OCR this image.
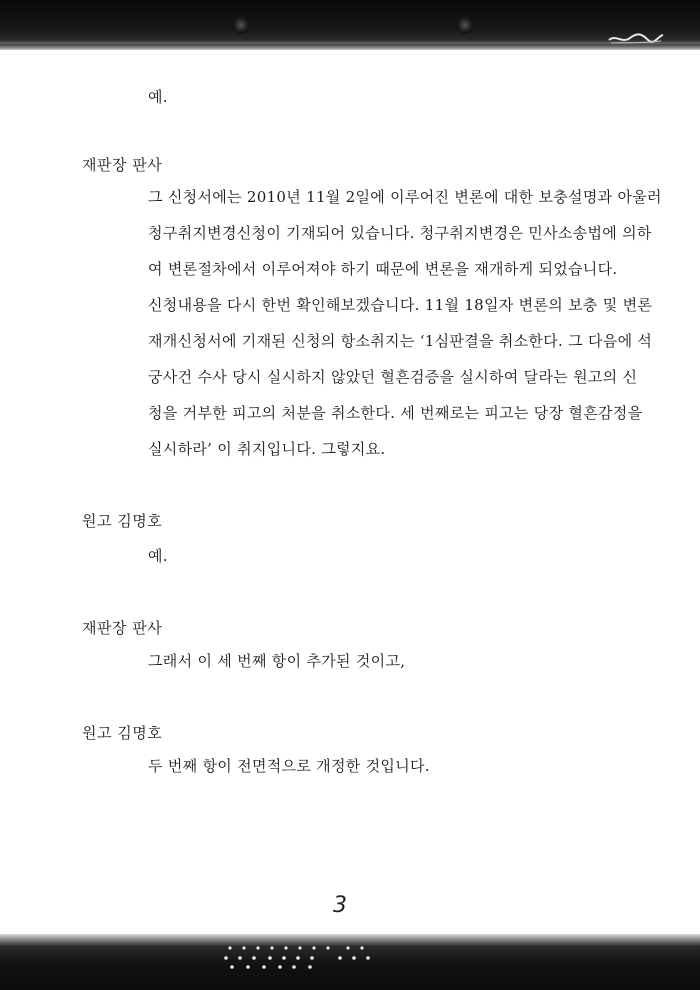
예.

재판장 판사

그 신청서에는 2010년 11월 2일에 이루어진 변론에 대한 보충설명과 아울러

청구취지변경신청이 기재되어 있습니다. 청구취지변경은 민사소송법에 의하

여 변론절차에서 이루어져야 하기 때문에 변론을 재개하게 되었습니다.

신청내용을 다시 한번 확인해보겠습니다. 11월 18일자 변론의 보충 및 변론

재개신청서에 기재된 신청의 항소취지는 ‘1심판결을 취소한다. 그 다음에 석

궁사건 수사 당시 실시하지 않았던 혈흔검증을 실시하여 달라는 원고의 신

청을 거부한 피고의 처분을 취소한다. 세 번째로는 피고는 당장 혈흔감정을

실시하라’ 이 취지입니다. 그렇지요.

원고 김명호

예.

재판장 판사

그래서 이 세 번째 항이 추가된 것이고,

원고 김명호

두 번째 항이 전면적으로 개정한 것입니다.

3
